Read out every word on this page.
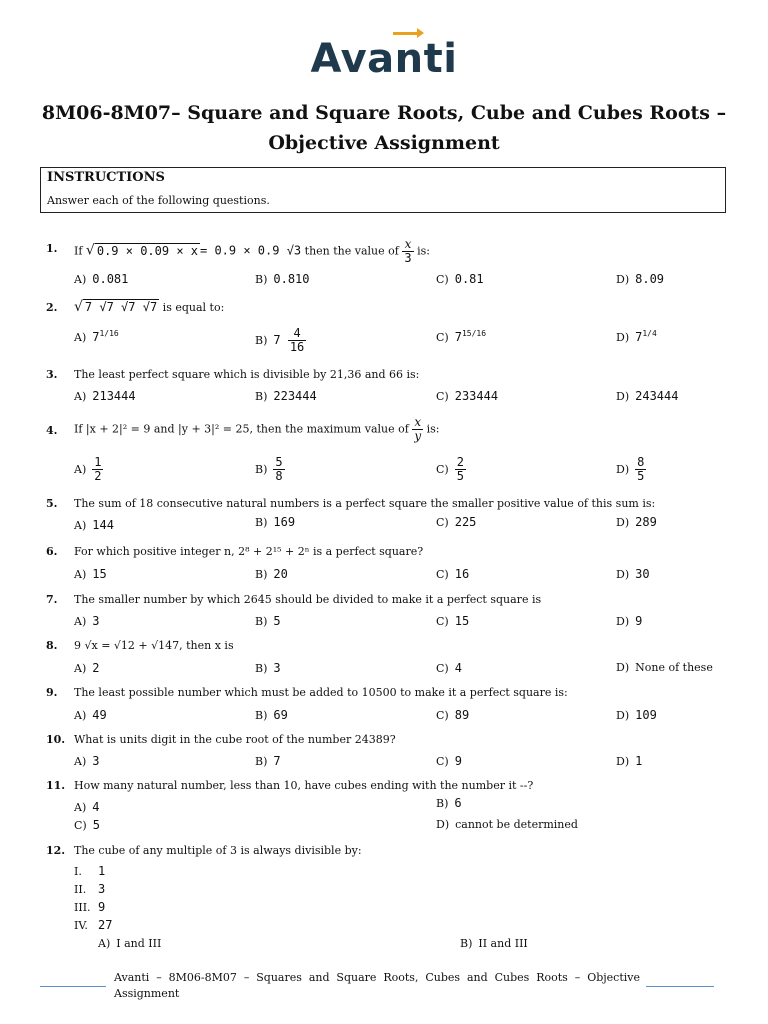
Ava
nti
8M06-8M07– Square and Square Roots, Cube and Cubes Roots –
Objective Assignment
INSTRUCTIONS
Answer each of the following questions.
1. If √ 0.9 × 0.09 × x = 0.9 × 0.9 √3 then the value of $\frac{x}{3}$ is:
A) 0.081	B) 0.810	C) 0.81	D) 8.09
2. √ 7 √7 √7 √7 is equal to:
A) $7^{1/16}$
B) $7 \frac{4}{16}$	C) $7^{15/16}$	D) $7^{1/4}$
3. The least perfect square which is divisible by 21,36 and 66 is:
A) 213444	B) 223444	C) 233444	D) 243444
4. If |x + 2|² = 9 and |y + 3|² = 25, then the maximum value of $\frac{x}{y}$ is:
$A) \frac{1}{2}$	$B) \frac{5}{8}$	$C) \frac{2}{5}$	$D) \frac{8}{5}$
5. The sum of 18 consecutive natural numbers is a perfect square the smaller positive value of this sum is:
A) 144	B) 169	C) 225	D) 289
6. For which positive integer n, 2⁸ + 2¹⁵ + 2ⁿ is a perfect square?
A) 15	B) 20	C) 16	D) 30
7. The smaller number by which 2645 should be divided to make it a perfect square is
A) 3	B) 5	C) 15	D) 9
8. 9 √x = √12 + √147, then x is
A) 2	B) 3	C) 4	D) None of these
9. The least possible number which must be added to 10500 to make it a perfect square is:
A) 49	B) 69	C) 89	D) 109
10. What is units digit in the cube root of the number 24389?
A) 3	B) 7	C) 9	D) 1
11. How many natural number, less than 10, have cubes ending with the number it --?
A) 4	B) 6
C) 5	D) cannot be determined
12. The cube of any multiple of 3 is always divisible by:
I. 1
II. 3
III. 9
IV. 27
A) I and III	B) II and III
Avanti – 8M06-8M07 – Squares and Square Roots, Cubes and Cubes Roots – Objective Assignment
